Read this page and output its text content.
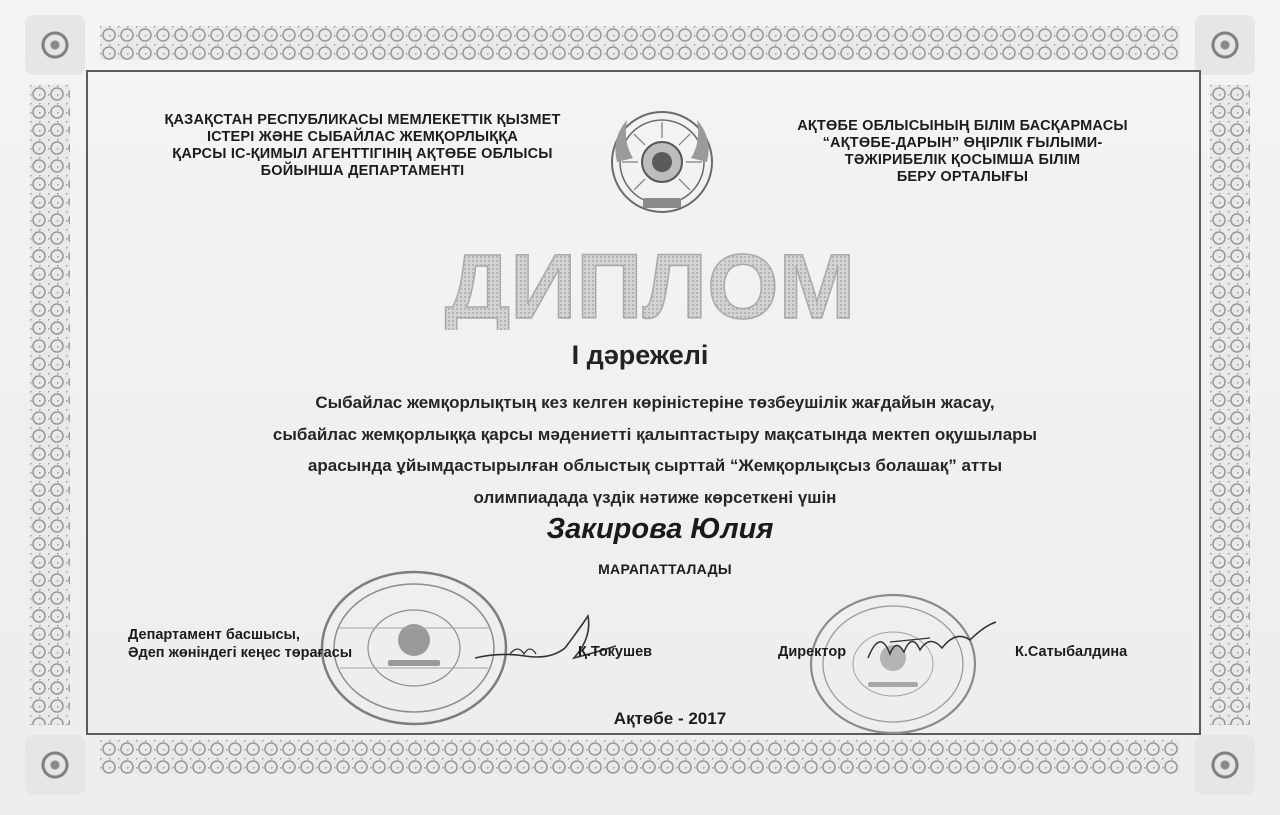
ҚАЗАҚСТАН РЕСПУБЛИКАСЫ МЕМЛЕКЕТТІК ҚЫЗМЕТ
ІСТЕРІ ЖӘНЕ СЫБАЙЛАС ЖЕМҚОРЛЫҚҚА
ҚАРСЫ ІС-ҚИМЫЛ АГЕНТТІГІНІҢ АҚТӨБЕ ОБЛЫСЫ
БОЙЫНША ДЕПАРТАМЕНТІ
АҚТӨБЕ ОБЛЫСЫНЫҢ БІЛІМ БАСҚАРМАСЫ
“АҚТӨБЕ-ДАРЫН” ӨҢІРЛІК ҒЫЛЫМИ-
ТӘЖІРИБЕЛІК ҚОСЫМША БІЛІМ
БЕРУ ОРТАЛЫҒЫ
ДИПЛОМ
І дәрежелі
Сыбайлас жемқорлықтың кез келген көріністеріне төзбеушілік жағдайын жасау,
сыбайлас жемқорлыққа қарсы мәдениетті қалыптастыру мақсатында мектеп оқушылары
арасында ұйымдастырылған облыстық сырттай “Жемқорлықсыз болашақ” атты
олимпиадада үздік нәтиже көрсеткені үшін
Закирова Юлия
МАРАПАТТАЛАДЫ
Департамент басшысы,
Әдеп жөніндегі кеңес төрағасы	Қ.Токушев	Директор	К.Сатыбалдина
Ақтөбе - 2017
